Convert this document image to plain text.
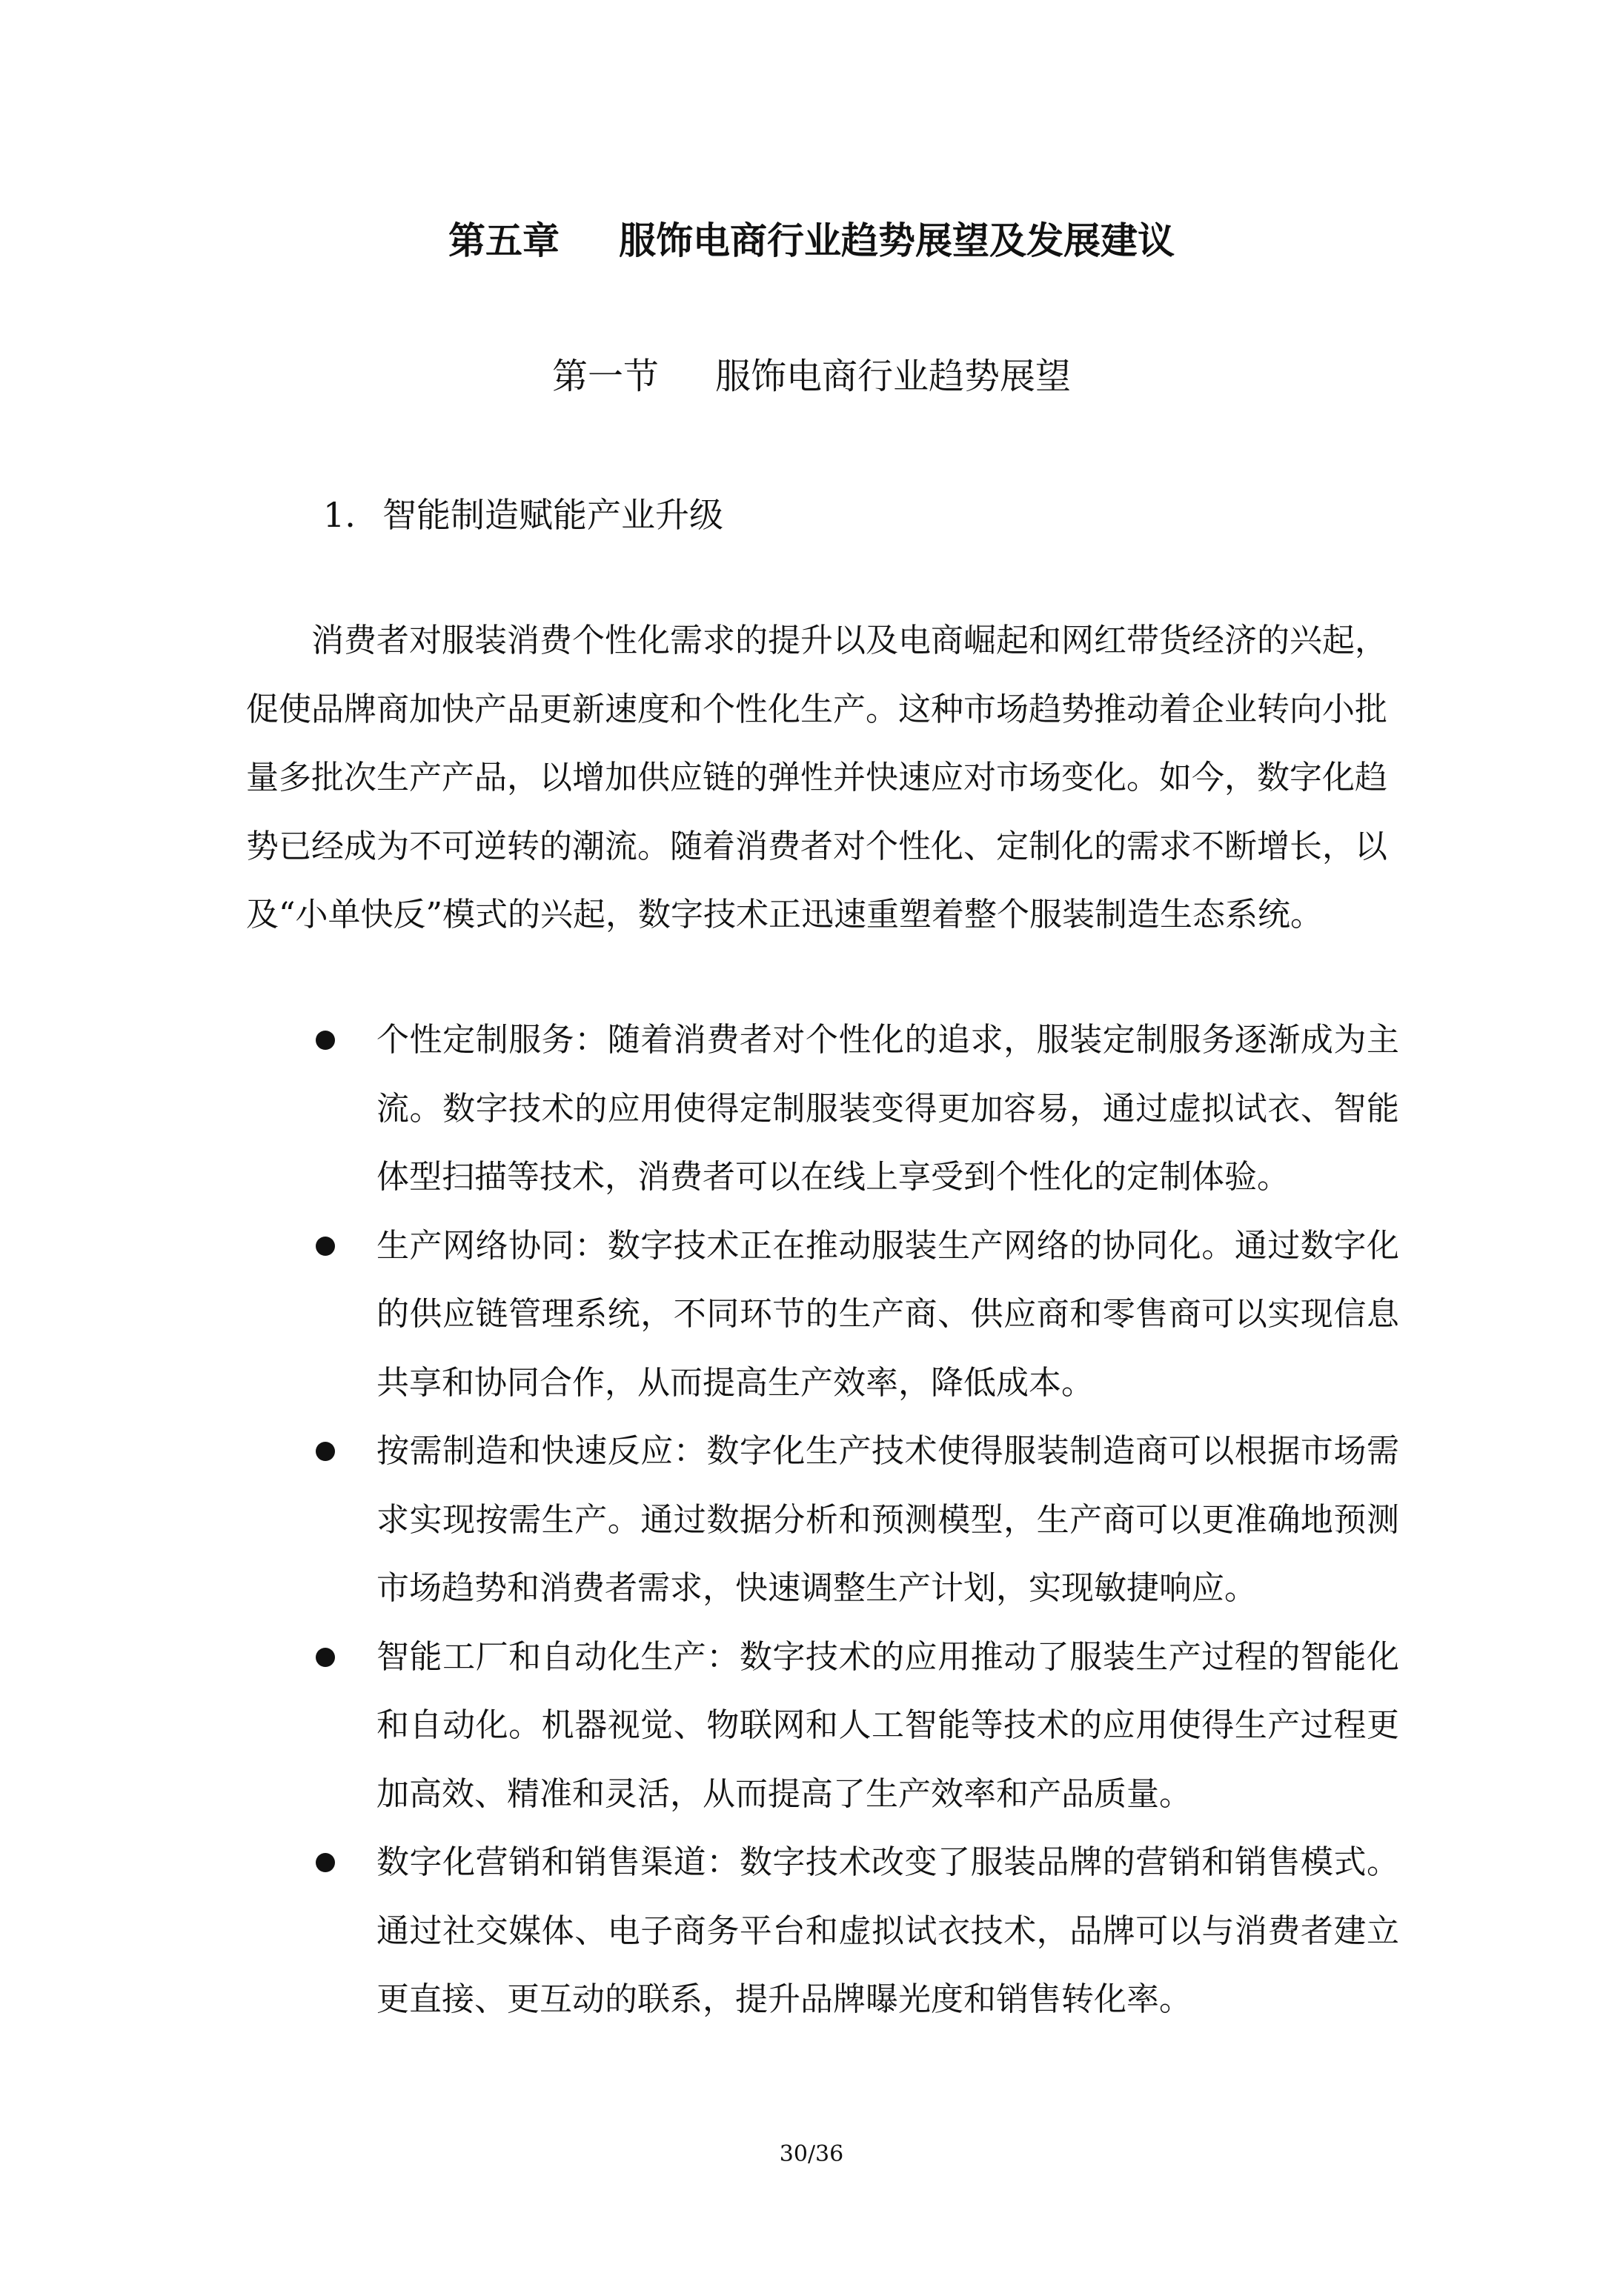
第五章 服饰电商行业趋势展望及发展建议
第一节 服饰电商行业趋势展望
1. 智能制造赋能产业升级

消费者对服装消费个性化需求的提升以及电商崛起和网红带货经济的兴起，促使品牌商加快产品更新速度和个性化生产。这种市场趋势推动着企业转向小批量多批次生产产品，以增加供应链的弹性并快速应对市场变化。如今，数字化趋势已经成为不可逆转的潮流。随着消费者对个性化、定制化的需求不断增长，以及“小单快反”模式的兴起，数字技术正迅速重塑着整个服装制造生态系统。

个性定制服务：随着消费者对个性化的追求，服装定制服务逐渐成为主流。数字技术的应用使得定制服装变得更加容易，通过虚拟试衣、智能体型扫描等技术，消费者可以在线上享受到个性化的定制体验。
生产网络协同：数字技术正在推动服装生产网络的协同化。通过数字化的供应链管理系统，不同环节的生产商、供应商和零售商可以实现信息共享和协同合作，从而提高生产效率，降低成本。
按需制造和快速反应：数字化生产技术使得服装制造商可以根据市场需求实现按需生产。通过数据分析和预测模型，生产商可以更准确地预测市场趋势和消费者需求，快速调整生产计划，实现敏捷响应。
智能工厂和自动化生产：数字技术的应用推动了服装生产过程的智能化和自动化。机器视觉、物联网和人工智能等技术的应用使得生产过程更加高效、精准和灵活，从而提高了生产效率和产品质量。
数字化营销和销售渠道：数字技术改变了服装品牌的营销和销售模式。通过社交媒体、电子商务平台和虚拟试衣技术，品牌可以与消费者建立更直接、更互动的联系，提升品牌曝光度和销售转化率。
30/36
